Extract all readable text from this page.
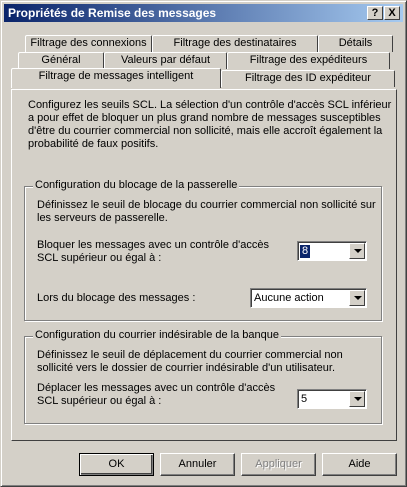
Propriétés de Remise des messages	? X
Filtrage des connexions	Filtrage des destinataires	Détails
Général	Valeurs par défaut	Filtrage des expéditeurs
Filtrage de messages intelligent	Filtrage des ID expéditeur
Configurez les seuils SCL. La sélection d'un contrôle d'accès SCL inférieur
a pour effet de bloquer un plus grand nombre de messages susceptibles
d'être du courrier commercial non sollicité, mais elle accroît également la
probabilité de faux positifs.
Configuration du blocage de la passerelle
Définissez le seuil de blocage du courrier commercial non sollicité sur
les serveurs de passerelle.
Bloquer les messages avec un contrôle d'accès
SCL supérieur ou égal à :
8
Lors du blocage des messages :	Aucune action
Configuration du courrier indésirable de la banque
Définissez le seuil de déplacement du courrier commercial non
sollicité vers le dossier de courrier indésirable d'un utilisateur.
Déplacer les messages avec un contrôle d'accès
SCL supérieur ou égal à :	5
OK	Annuler	Appliquer	Aide
